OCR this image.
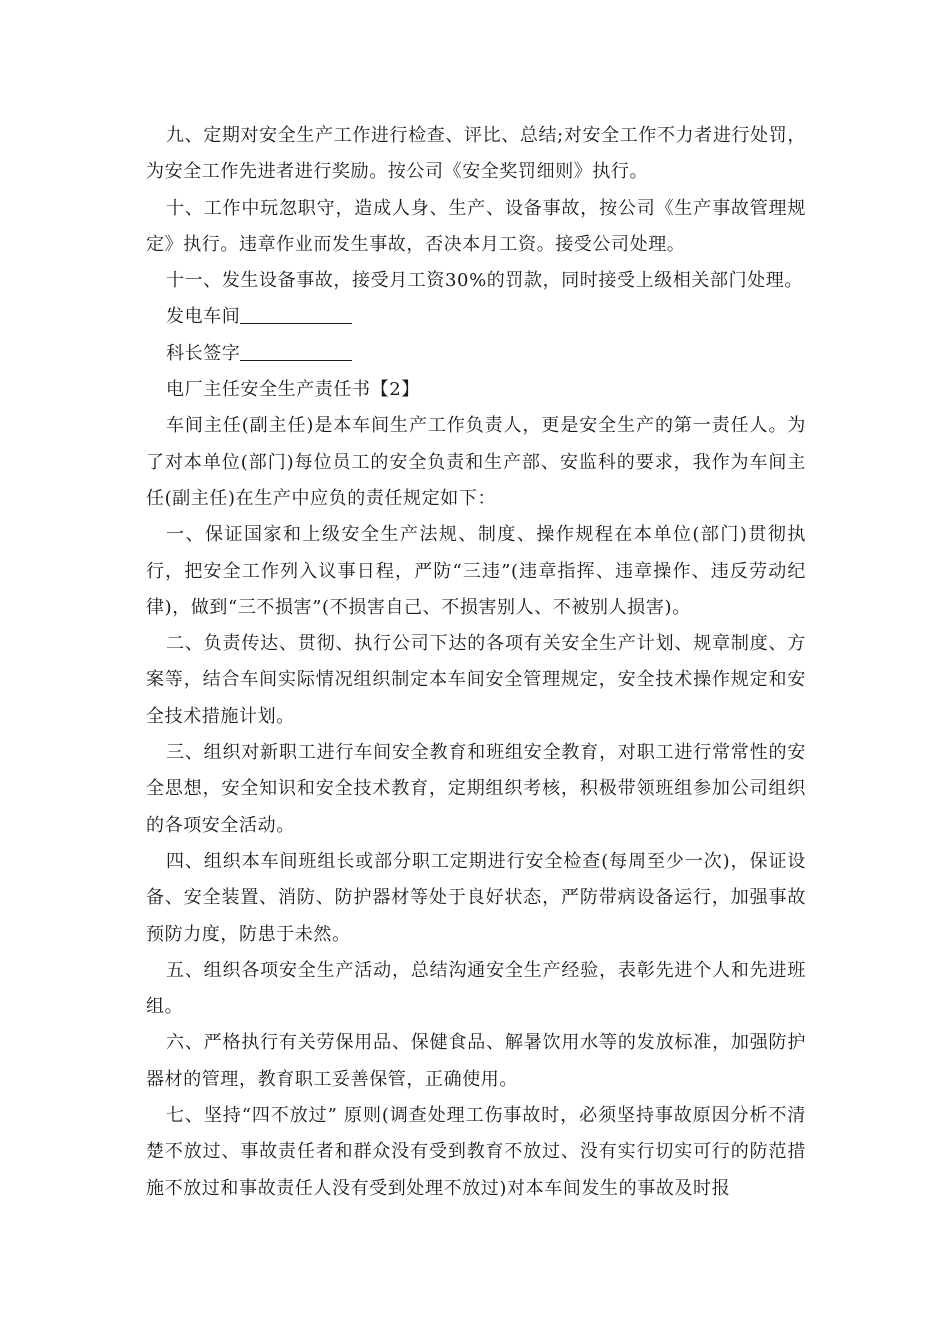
九、定期对安全生产工作进行检查、评比、总结;对安全工作不力者进行处罚，为安全工作先进者进行奖励。按公司《安全奖罚细则》执行。

十、工作中玩忽职守，造成人身、生产、设备事故，按公司《生产事故管理规定》执行。违章作业而发生事故，否决本月工资。接受公司处理。

十一、发生设备事故，接受月工资30%的罚款，同时接受上级相关部门处理。

发电车间

科长签字

电厂主任安全生产责任书【2】

车间主任(副主任)是本车间生产工作负责人，更是安全生产的第一责任人。为了对本单位(部门)每位员工的安全负责和生产部、安监科的要求，我作为车间主任(副主任)在生产中应负的责任规定如下：

一、保证国家和上级安全生产法规、制度、操作规程在本单位(部门)贯彻执行，把安全工作列入议事日程，严防“三违”(违章指挥、违章操作、违反劳动纪律)，做到“三不损害”(不损害自己、不损害别人、不被别人损害)。

二、负责传达、贯彻、执行公司下达的各项有关安全生产计划、规章制度、方案等，结合车间实际情况组织制定本车间安全管理规定，安全技术操作规定和安全技术措施计划。

三、组织对新职工进行车间安全教育和班组安全教育，对职工进行常常性的安全思想，安全知识和安全技术教育，定期组织考核，积极带领班组参加公司组织的各项安全活动。

四、组织本车间班组长或部分职工定期进行安全检查(每周至少一次)，保证设备、安全装置、消防、防护器材等处于良好状态，严防带病设备运行，加强事故预防力度，防患于未然。

五、组织各项安全生产活动，总结沟通安全生产经验，表彰先进个人和先进班组。

六、严格执行有关劳保用品、保健食品、解暑饮用水等的发放标准，加强防护器材的管理，教育职工妥善保管，正确使用。

七、坚持“四不放过” 原则(调查处理工伤事故时，必须坚持事故原因分析不清楚不放过、事故责任者和群众没有受到教育不放过、没有实行切实可行的防范措施不放过和事故责任人没有受到处理不放过)对本车间发生的事故及时报
